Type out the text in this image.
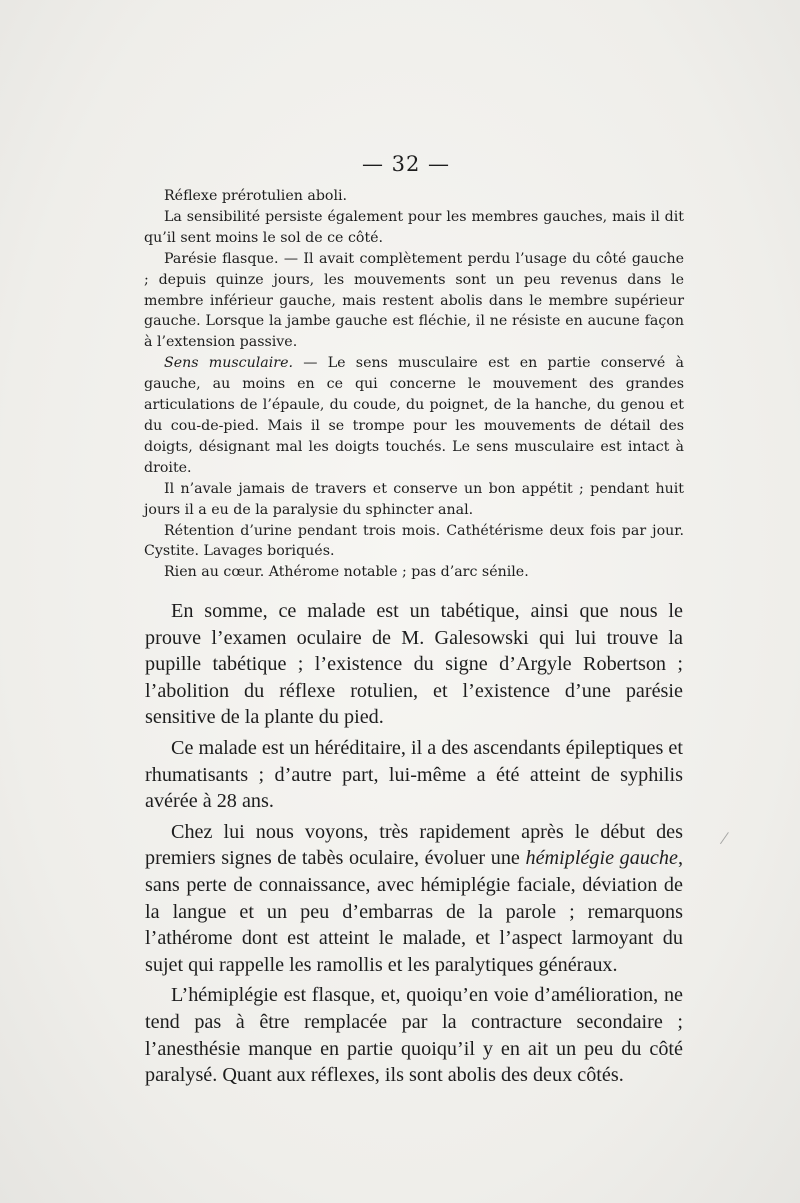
— 32 —

Réflexe prérotulien aboli.

La sensibilité persiste également pour les membres gauches, mais il dit qu’il sent moins le sol de ce côté.

Parésie flasque. — Il avait complètement perdu l’usage du côté gauche ; depuis quinze jours, les mouvements sont un peu revenus dans le membre inférieur gauche, mais restent abolis dans le membre supérieur gauche. Lorsque la jambe gauche est fléchie, il ne résiste en aucune façon à l’extension passive.

Sens musculaire. — Le sens musculaire est en partie conservé à gauche, au moins en ce qui concerne le mouvement des grandes articulations de l’épaule, du coude, du poignet, de la hanche, du genou et du cou-de-pied. Mais il se trompe pour les mouvements de détail des doigts, désignant mal les doigts touchés. Le sens musculaire est intact à droite.

Il n’avale jamais de travers et conserve un bon appétit ; pendant huit jours il a eu de la paralysie du sphincter anal.

Rétention d’urine pendant trois mois. Cathétérisme deux fois par jour. Cystite. Lavages boriqués.

Rien au cœur. Athérome notable ; pas d’arc sénile.

En somme, ce malade est un tabétique, ainsi que nous le prouve l’examen oculaire de M. Galesowski qui lui trouve la pupille tabétique ; l’existence du signe d’Argyle Robertson ; l’abolition du réflexe rotulien, et l’existence d’une parésie sensitive de la plante du pied.

Ce malade est un héréditaire, il a des ascendants épileptiques et rhumatisants ; d’autre part, lui-même a été atteint de syphilis avérée à 28 ans.

Chez lui nous voyons, très rapidement après le début des premiers signes de tabès oculaire, évoluer une hémiplégie gauche, sans perte de connaissance, avec hémiplégie faciale, déviation de la langue et un peu d’embarras de la parole ; remarquons l’athérome dont est atteint le malade, et l’aspect larmoyant du sujet qui rappelle les ramollis et les paralytiques généraux.

L’hémiplégie est flasque, et, quoiqu’en voie d’amélioration, ne tend pas à être remplacée par la contracture secondaire ; l’anesthésie manque en partie quoiqu’il y en ait un peu du côté paralysé. Quant aux réflexes, ils sont abolis des deux côtés.
